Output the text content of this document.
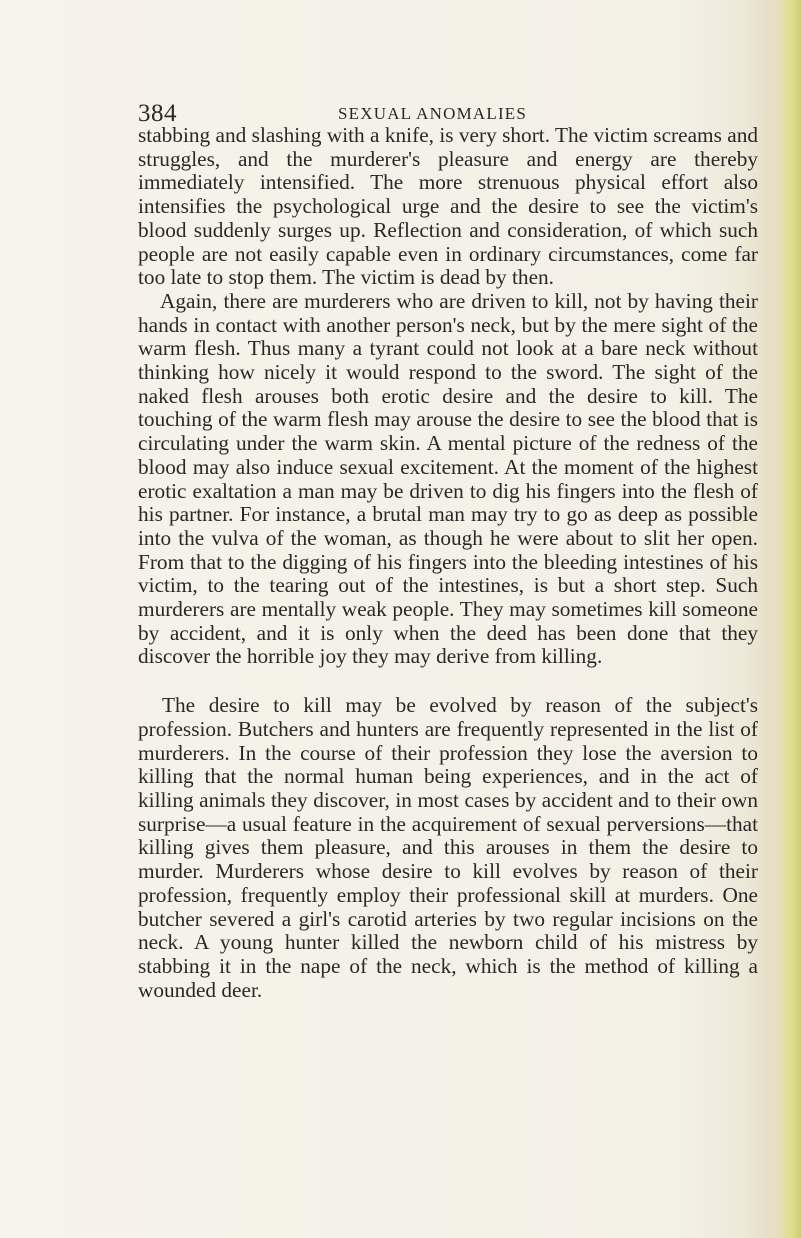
384	SEXUAL ANOMALIES

stabbing and slashing with a knife, is very short. The victim screams and struggles, and the murderer's pleasure and energy are thereby immediately intensified. The more strenuous physical effort also intensifies the psychological urge and the desire to see the victim's blood suddenly surges up. Reflection and consideration, of which such people are not easily capable even in ordinary circumstances, come far too late to stop them. The victim is dead by then.

Again, there are murderers who are driven to kill, not by having their hands in contact with another person's neck, but by the mere sight of the warm flesh. Thus many a tyrant could not look at a bare neck without thinking how nicely it would respond to the sword. The sight of the naked flesh arouses both erotic desire and the desire to kill. The touching of the warm flesh may arouse the desire to see the blood that is circulating under the warm skin. A mental picture of the redness of the blood may also induce sexual excitement. At the moment of the highest erotic exaltation a man may be driven to dig his fingers into the flesh of his partner. For instance, a brutal man may try to go as deep as possible into the vulva of the woman, as though he were about to slit her open. From that to the digging of his fingers into the bleeding intestines of his victim, to the tearing out of the intestines, is but a short step. Such murderers are mentally weak people. They may sometimes kill someone by accident, and it is only when the deed has been done that they discover the horrible joy they may derive from killing.

The desire to kill may be evolved by reason of the subject's profession. Butchers and hunters are frequently represented in the list of murderers. In the course of their profession they lose the aversion to killing that the normal human being experiences, and in the act of killing animals they discover, in most cases by accident and to their own surprise—a usual feature in the acquirement of sexual perversions—that killing gives them pleasure, and this arouses in them the desire to murder. Murderers whose desire to kill evolves by reason of their profession, frequently employ their professional skill at murders. One butcher severed a girl's carotid arteries by two regular incisions on the neck. A young hunter killed the newborn child of his mistress by stabbing it in the nape of the neck, which is the method of killing a wounded deer.
